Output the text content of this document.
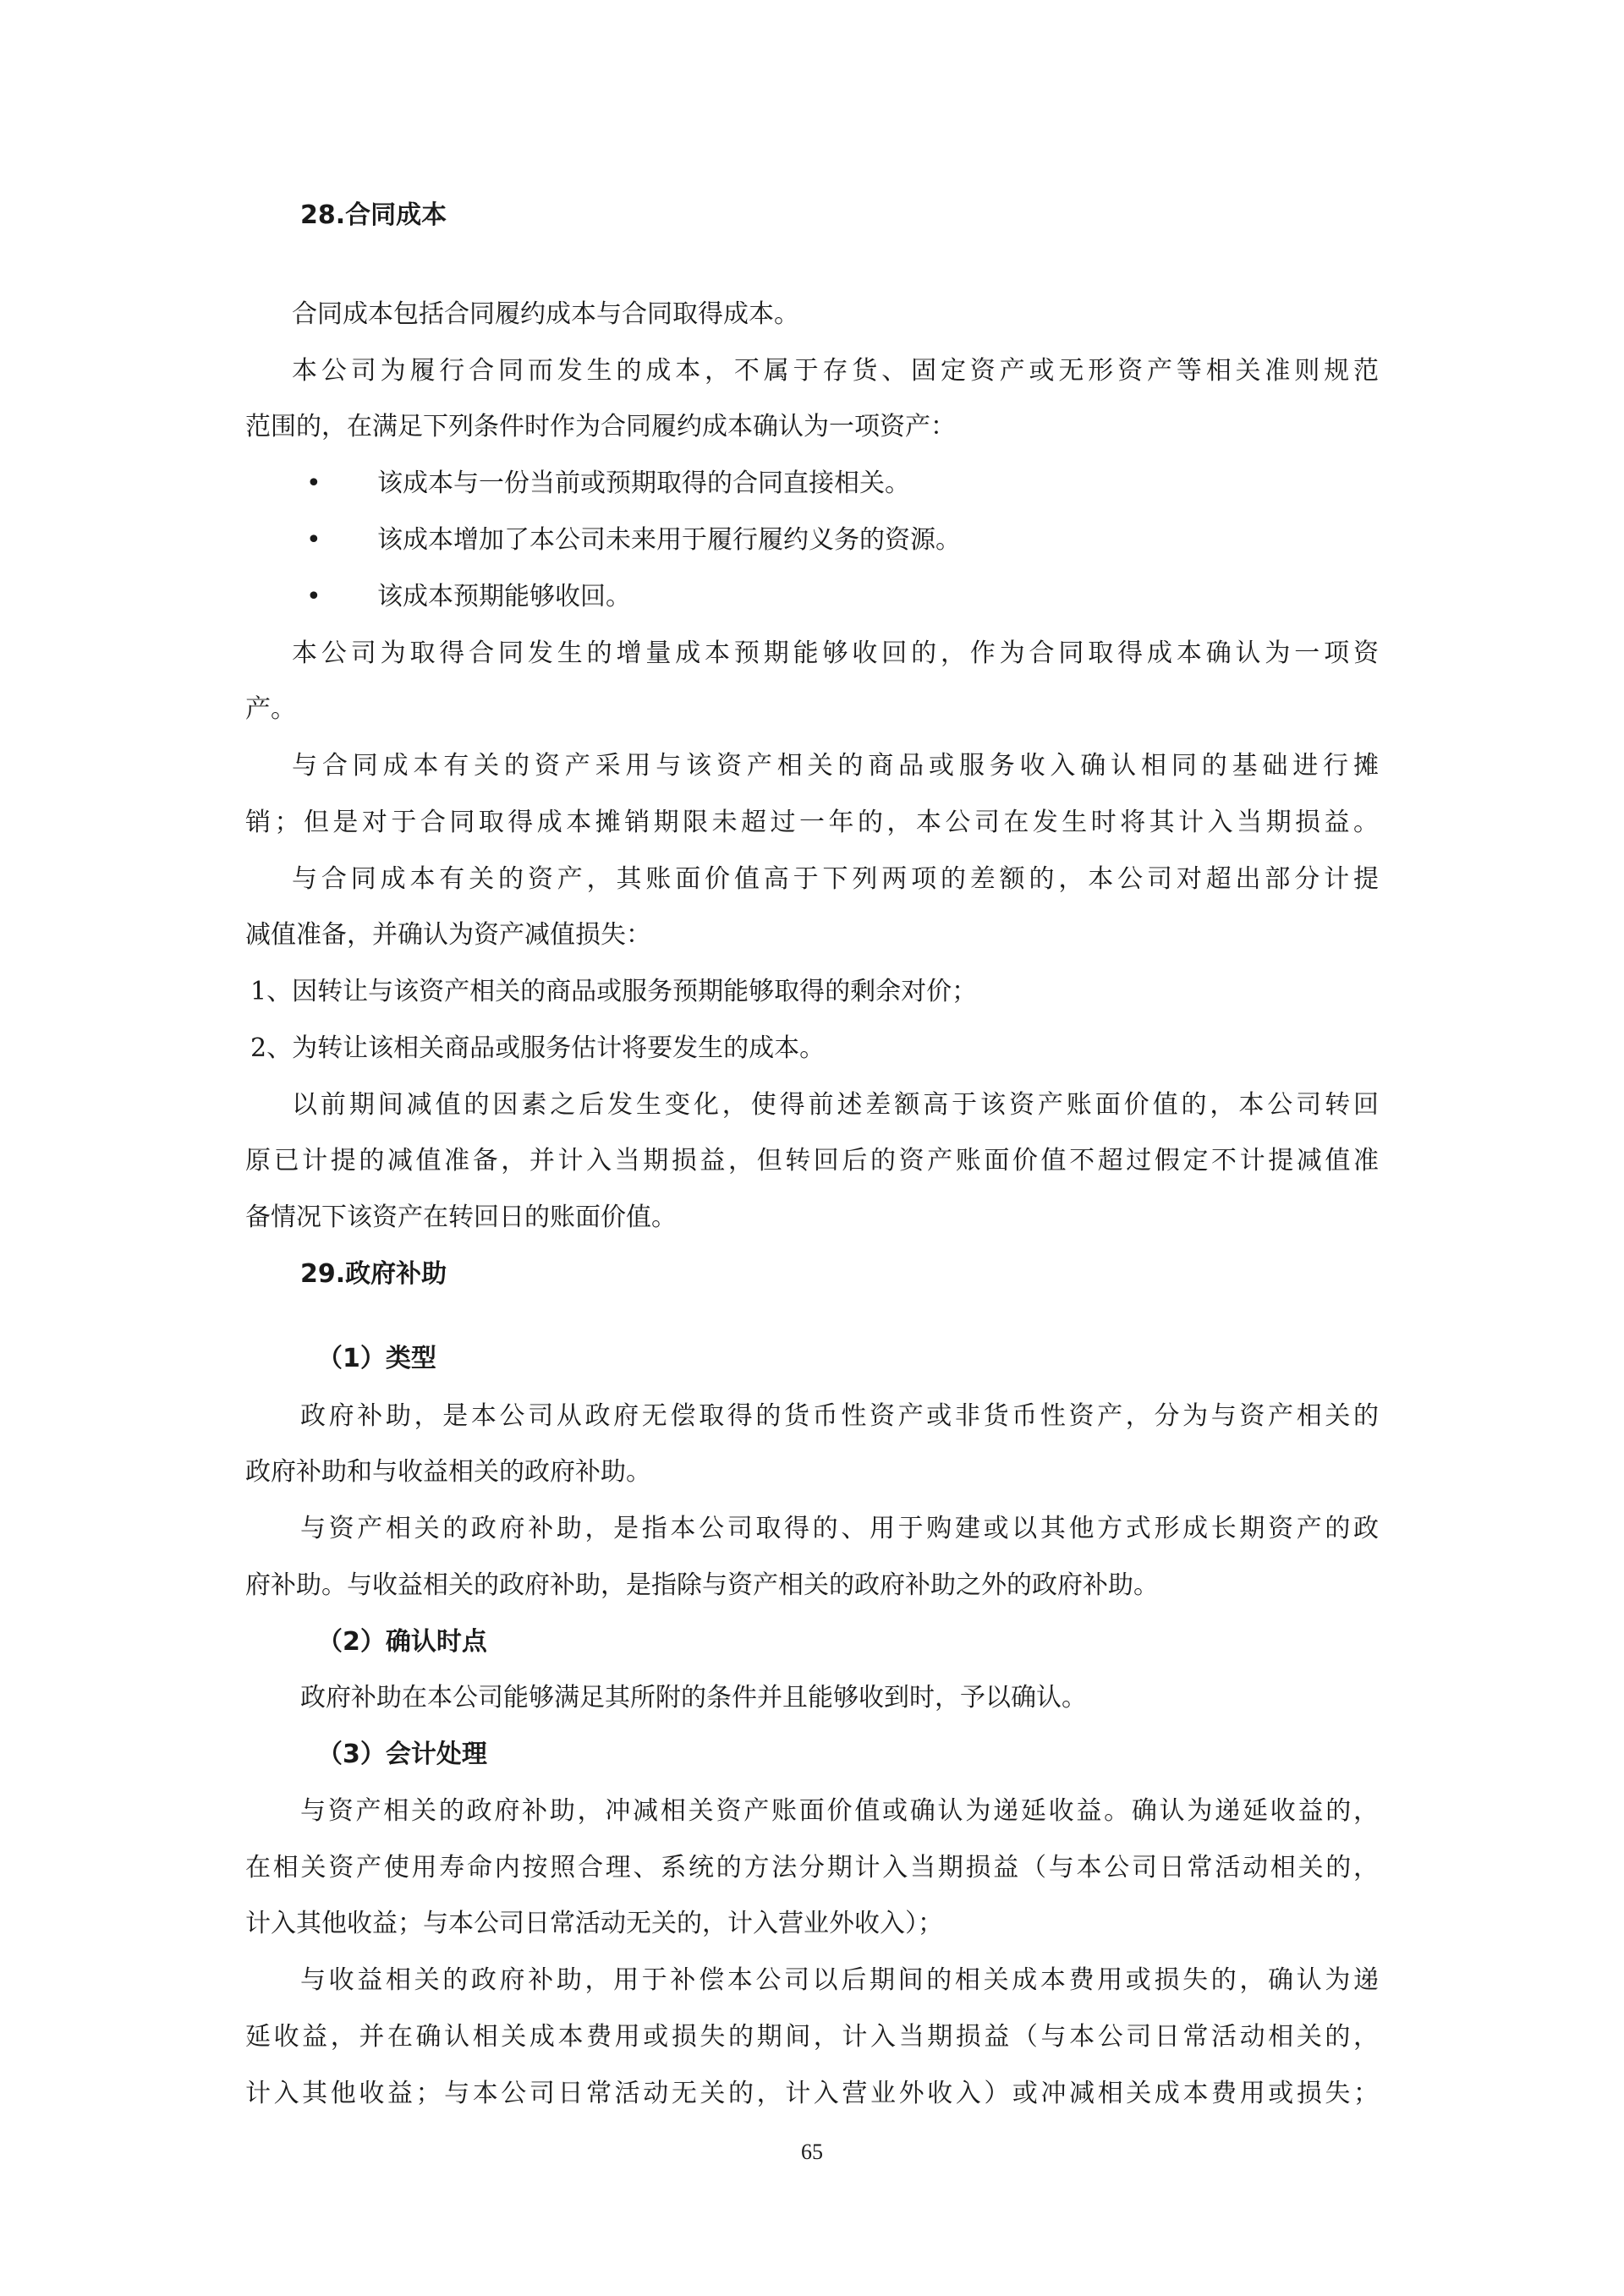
28.合同成本
合同成本包括合同履约成本与合同取得成本。
本公司为履行合同而发生的成本，不属于存货、固定资产或无形资产等相关准则规范
范围的，在满足下列条件时作为合同履约成本确认为一项资产：
• 该成本与一份当前或预期取得的合同直接相关。
• 该成本增加了本公司未来用于履行履约义务的资源。
• 该成本预期能够收回。
本公司为取得合同发生的增量成本预期能够收回的，作为合同取得成本确认为一项资
产。
与合同成本有关的资产采用与该资产相关的商品或服务收入确认相同的基础进行摊
销；但是对于合同取得成本摊销期限未超过一年的，本公司在发生时将其计入当期损益。
与合同成本有关的资产，其账面价值高于下列两项的差额的，本公司对超出部分计提
减值准备，并确认为资产减值损失：
1、因转让与该资产相关的商品或服务预期能够取得的剩余对价；
2、为转让该相关商品或服务估计将要发生的成本。
以前期间减值的因素之后发生变化，使得前述差额高于该资产账面价值的，本公司转回
原已计提的减值准备，并计入当期损益，但转回后的资产账面价值不超过假定不计提减值准
备情况下该资产在转回日的账面价值。
29.政府补助
（1）类型
政府补助，是本公司从政府无偿取得的货币性资产或非货币性资产，分为与资产相关的
政府补助和与收益相关的政府补助。
与资产相关的政府补助，是指本公司取得的、用于购建或以其他方式形成长期资产的政
府补助。与收益相关的政府补助，是指除与资产相关的政府补助之外的政府补助。
（2）确认时点
政府补助在本公司能够满足其所附的条件并且能够收到时，予以确认。
（3）会计处理
与资产相关的政府补助，冲减相关资产账面价值或确认为递延收益。确认为递延收益的，
在相关资产使用寿命内按照合理、系统的方法分期计入当期损益（与本公司日常活动相关的，
计入其他收益；与本公司日常活动无关的，计入营业外收入）；
与收益相关的政府补助，用于补偿本公司以后期间的相关成本费用或损失的，确认为递
延收益，并在确认相关成本费用或损失的期间，计入当期损益（与本公司日常活动相关的，
计入其他收益；与本公司日常活动无关的，计入营业外收入）或冲减相关成本费用或损失；
65
